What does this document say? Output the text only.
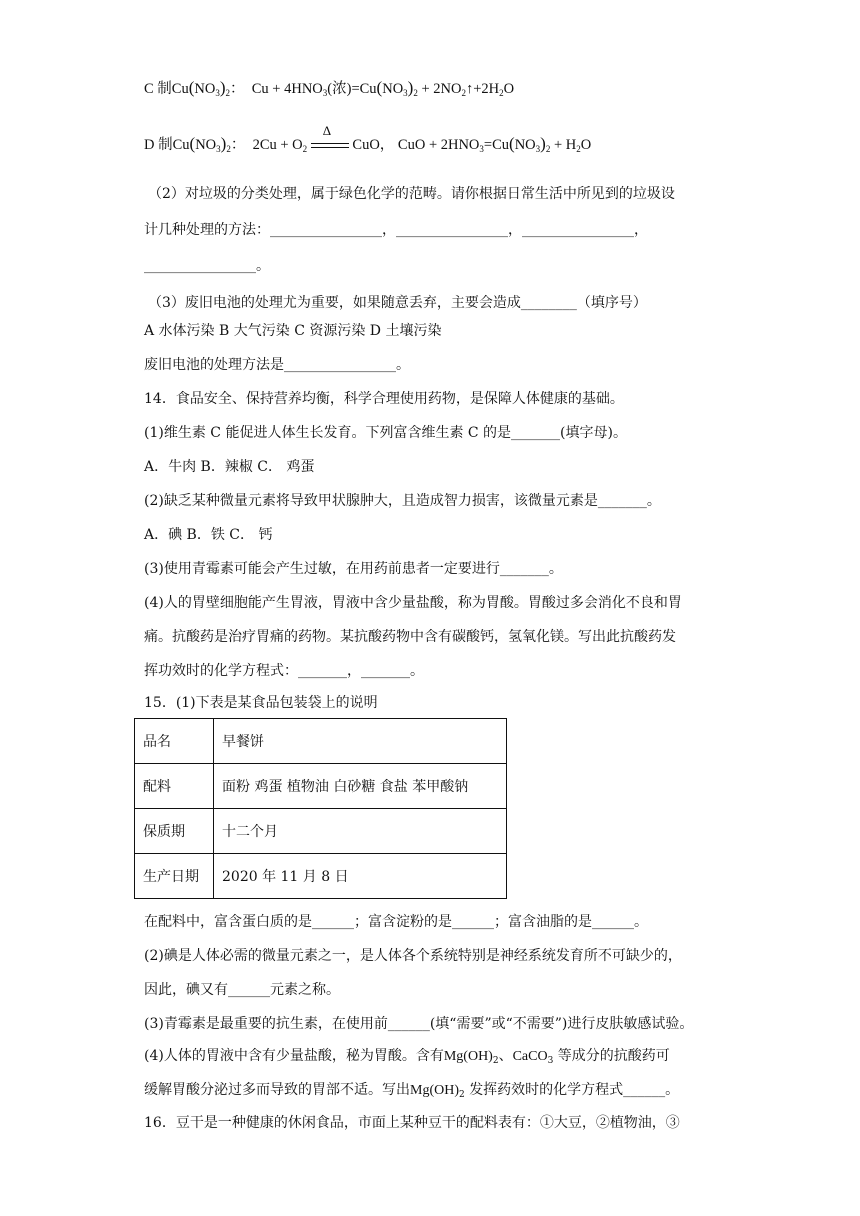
C 制$Cu(NO_3)_2$：  $Cu + 4HNO_3$(浓)$=Cu(NO_3)_2$ + $2NO_2↑+2H_2O$
D 制$Cu(NO_3)_2$：  $2Cu + O_2$
Δ
CuO， CuO + $2HNO_3=Cu(NO_3)_2 + H_2O$
（2）对垃圾的分类处理，属于绿色化学的范畴。请你根据日常生活中所见到的垃圾设
计几种处理的方法：________________，________________，________________，
________________。
（3）废旧电池的处理尤为重要，如果随意丢弃，主要会造成________（填序号）
A 水体污染 B 大气污染 C 资源污染 D 土壤污染
废旧电池的处理方法是________________。
14．食品安全、保持营养均衡，科学合理使用药物，是保障人体健康的基础。
(1)维生素 C 能促进人体生长发育。下列富含维生素 C 的是_______(填字母)。
A．牛肉 B．辣椒 C． 鸡蛋
(2)缺乏某种微量元素将导致甲状腺肿大，且造成智力损害，该微量元素是_______。
A．碘 B．铁 C． 钙
(3)使用青霉素可能会产生过敏，在用药前患者一定要进行_______。
(4)人的胃壁细胞能产生胃液，胃液中含少量盐酸，称为胃酸。胃酸过多会消化不良和胃
痛。抗酸药是治疗胃痛的药物。某抗酸药物中含有碳酸钙，氢氧化镁。写出此抗酸药发
挥功效时的化学方程式：_______，_______。
15．(1)下表是某食品包装袋上的说明
品名	早餐饼
配料	面粉 鸡蛋 植物油 白砂糖 食盐 苯甲酸钠
保质期	十二个月
生产日期	2020 年 11 月 8 日
在配料中，富含蛋白质的是______；富含淀粉的是______；富含油脂的是______。
(2)碘是人体必需的微量元素之一，是人体各个系统特别是神经系统发育所不可缺少的，
因此，碘又有______元素之称。
(3)青霉素是最重要的抗生素，在使用前______(填“需要”或“不需要”)进行皮肤敏感试验。
(4)人体的胃液中含有少量盐酸，秘为胃酸。含有$Mg(OH)_2$、CaCO$_3$ 等成分的抗酸药可
缓解胃酸分泌过多而导致的胃部不适。写出$Mg(OH)_2$ 发挥药效时的化学方程式______。
16．豆干是一种健康的休闲食品，市面上某种豆干的配料表有：①大豆，②植物油，③
